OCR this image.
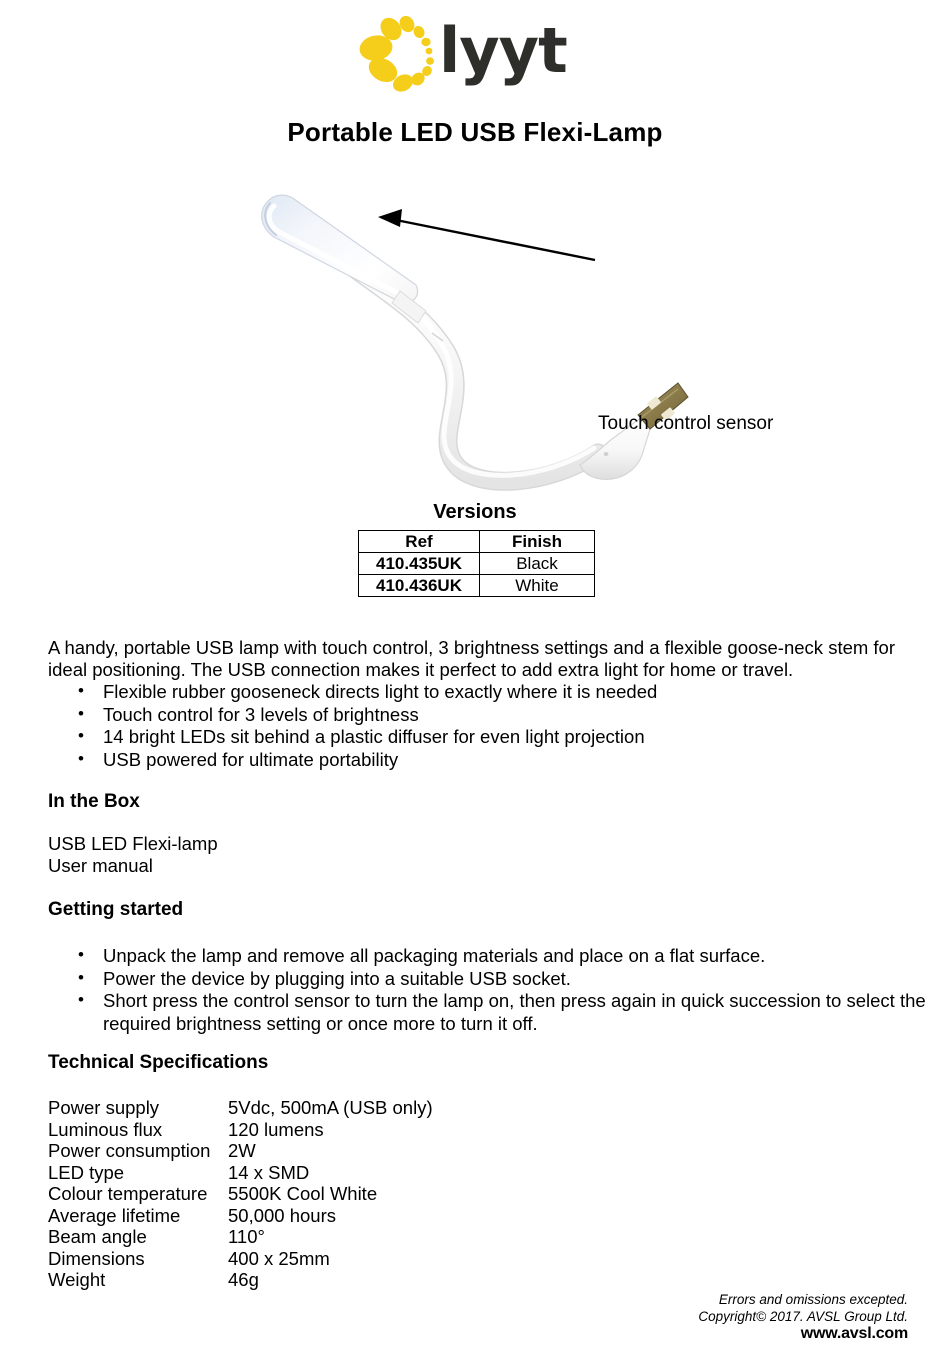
lyyt
Portable LED USB Flexi-Lamp
Touch control sensor
Versions
Ref	Finish
410.435UK	Black
410.436UK	White

A handy, portable USB lamp with touch control, 3 brightness settings and a flexible goose-neck stem for ideal positioning. The USB connection makes it perfect to add extra light for home or travel.

• Flexible rubber gooseneck directs light to exactly where it is needed
• Touch control for 3 levels of brightness
• 14 bright LEDs sit behind a plastic diffuser for even light projection
• USB powered for ultimate portability
In the Box
USB LED Flexi-lamp
User manual
Getting started
• Unpack the lamp and remove all packaging materials and place on a flat surface.
• Power the device by plugging into a suitable USB socket.
• Short press the control sensor to turn the lamp on, then press again in quick succession to select the required brightness setting or once more to turn it off.
Technical Specifications
Power supply	5Vdc, 500mA (USB only)
Luminous flux	120 lumens
Power consumption 2W
LED type	14 x SMD
Colour temperature	5500K Cool White
Average lifetime	50,000 hours
Beam angle	110°
Dimensions	400 x 25mm
Weight	46g
Errors and omissions excepted.
Copyright© 2017. AVSL Group Ltd.
www.avsl.com
